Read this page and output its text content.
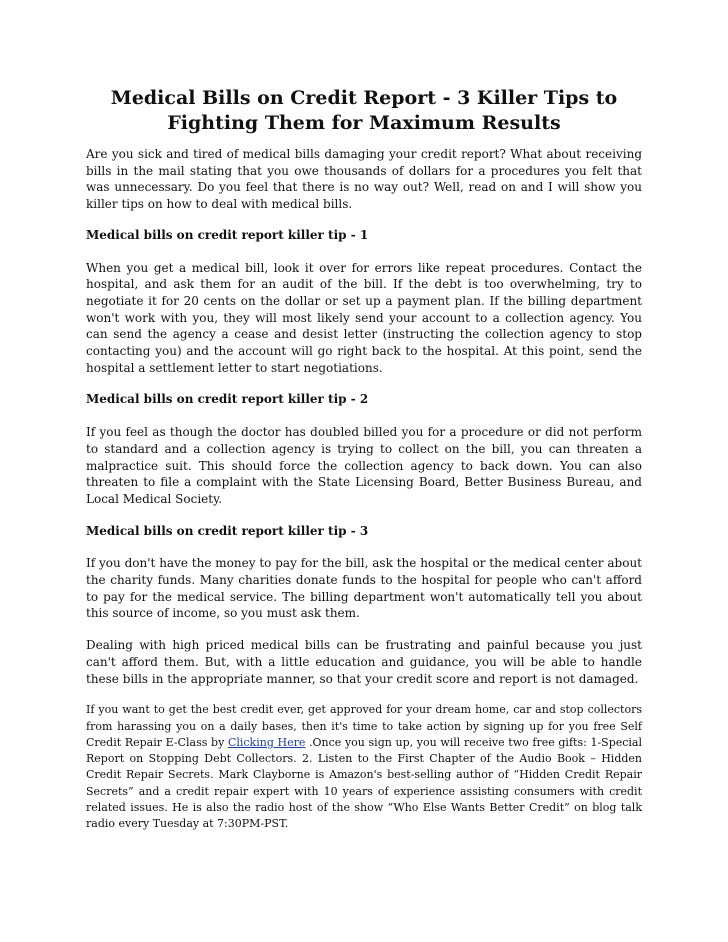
Medical Bills on Credit Report - 3 Killer Tips to Fighting Them for Maximum Results

Are you sick and tired of medical bills damaging your credit report? What about receiving bills in the mail stating that you owe thousands of dollars for a procedures you felt that was unnecessary. Do you feel that there is no way out? Well, read on and I will show you killer tips on how to deal with medical bills.

Medical bills on credit report killer tip - 1

When you get a medical bill, look it over for errors like repeat procedures. Contact the hospital, and ask them for an audit of the bill. If the debt is too overwhelming, try to negotiate it for 20 cents on the dollar or set up a payment plan. If the billing department won't work with you, they will most likely send your account to a collection agency. You can send the agency a cease and desist letter (instructing the collection agency to stop contacting you) and the account will go right back to the hospital. At this point, send the hospital a settlement letter to start negotiations.

Medical bills on credit report killer tip - 2

If you feel as though the doctor has doubled billed you for a procedure or did not perform to standard and a collection agency is trying to collect on the bill, you can threaten a malpractice suit. This should force the collection agency to back down. You can also threaten to file a complaint with the State Licensing Board, Better Business Bureau, and Local Medical Society.

Medical bills on credit report killer tip - 3

If you don't have the money to pay for the bill, ask the hospital or the medical center about the charity funds. Many charities donate funds to the hospital for people who can't afford to pay for the medical service. The billing department won't automatically tell you about this source of income, so you must ask them.

Dealing with high priced medical bills can be frustrating and painful because you just can't afford them. But, with a little education and guidance, you will be able to handle these bills in the appropriate manner, so that your credit score and report is not damaged.

If you want to get the best credit ever, get approved for your dream home, car and stop collectors from harassing you on a daily bases, then it's time to take action by signing up for you free Self Credit Repair E-Class by Clicking Here .Once you sign up, you will receive two free gifts: 1-Special Report on Stopping Debt Collectors. 2. Listen to the First Chapter of the Audio Book – Hidden Credit Repair Secrets. Mark Clayborne is Amazon's best-selling author of “Hidden Credit Repair Secrets” and a credit repair expert with 10 years of experience assisting consumers with credit related issues. He is also the radio host of the show “Who Else Wants Better Credit” on blog talk radio every Tuesday at 7:30PM-PST.
